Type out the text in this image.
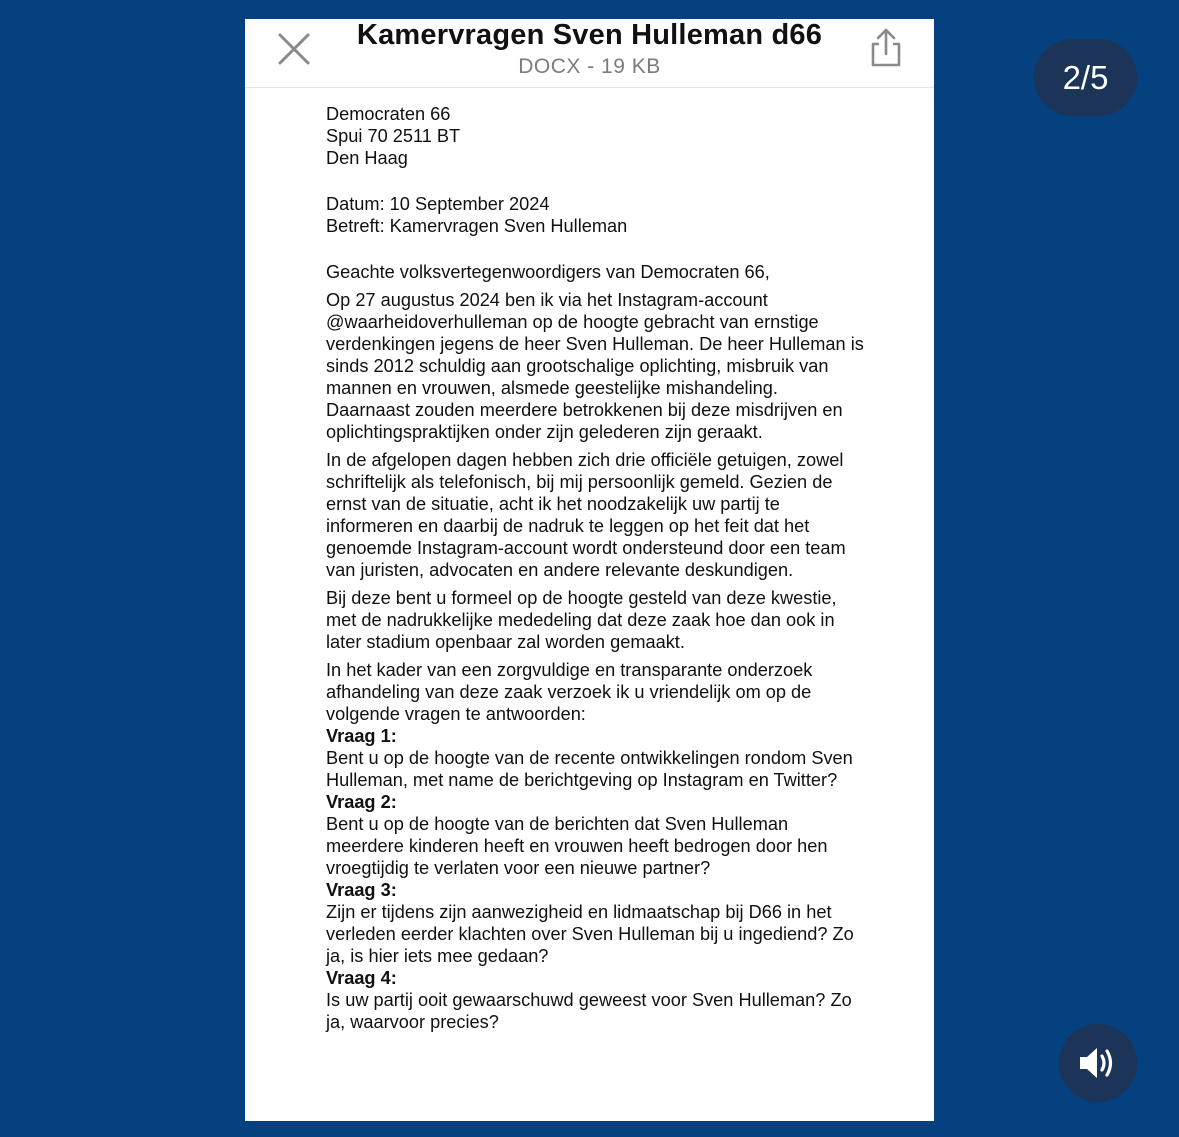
Kamervragen Sven Hulleman d66
DOCX - 19 KB

Democraten 66

Spui 70 2511 BT

Den Haag

Datum: 10 September 2024

Betreft: Kamervragen Sven Hulleman

Geachte volksvertegenwoordigers van Democraten 66,

Op 27 augustus 2024 ben ik via het Instagram-account @waarheidoverhulleman op de hoogte gebracht van ernstige verdenkingen jegens de heer Sven Hulleman. De heer Hulleman is sinds 2012 schuldig aan grootschalige oplichting, misbruik van mannen en vrouwen, alsmede geestelijke mishandeling. Daarnaast zouden meerdere betrokkenen bij deze misdrijven en oplichtingspraktijken onder zijn gelederen zijn geraakt.

In de afgelopen dagen hebben zich drie officiële getuigen, zowel schriftelijk als telefonisch, bij mij persoonlijk gemeld. Gezien de ernst van de situatie, acht ik het noodzakelijk uw partij te informeren en daarbij de nadruk te leggen op het feit dat het genoemde Instagram-account wordt ondersteund door een team van juristen, advocaten en andere relevante deskundigen.

Bij deze bent u formeel op de hoogte gesteld van deze kwestie, met de nadrukkelijke mededeling dat deze zaak hoe dan ook in later stadium openbaar zal worden gemaakt.

In het kader van een zorgvuldige en transparante onderzoek afhandeling van deze zaak verzoek ik u vriendelijk om op de volgende vragen te antwoorden:

Vraag 1:

Bent u op de hoogte van de recente ontwikkelingen rondom Sven Hulleman, met name de berichtgeving op Instagram en Twitter?

Vraag 2:

Bent u op de hoogte van de berichten dat Sven Hulleman meerdere kinderen heeft en vrouwen heeft bedrogen door hen vroegtijdig te verlaten voor een nieuwe partner?

Vraag 3:

Zijn er tijdens zijn aanwezigheid en lidmaatschap bij D66 in het verleden eerder klachten over Sven Hulleman bij u ingediend? Zo ja, is hier iets mee gedaan?

Vraag 4:

Is uw partij ooit gewaarschuwd geweest voor Sven Hulleman? Zo ja, waarvoor precies?

2/5
